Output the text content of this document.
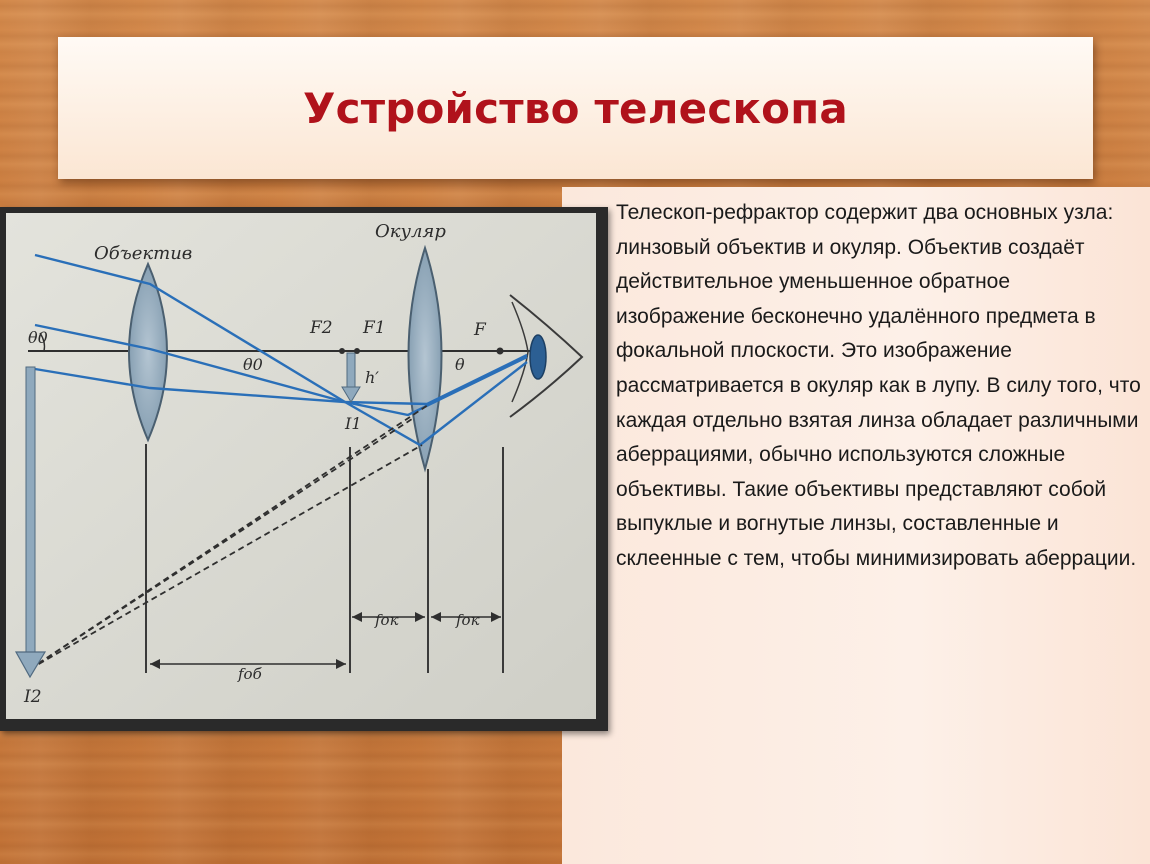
Устройство телескопа

Телескоп-рефрактор содержит два основных узла: линзовый объектив и окуляр. Объектив создаёт действительное уменьшенное обратное изображение бесконечно удалённого предмета в фокальной плоскости. Это изображение рассматривается в окуляр как в лупу. В силу того, что каждая отдельно взятая линза обладает различными аберрациями, обычно используются сложные объективы. Такие объективы представляют собой выпуклые и вогнутые линзы, составленные и склеенные с тем, чтобы минимизировать аберрации.

Объектив
Окуляр
θ0
θ0	θ
F2 F1	F
h′
I1
I2
fоб
fок	fок
